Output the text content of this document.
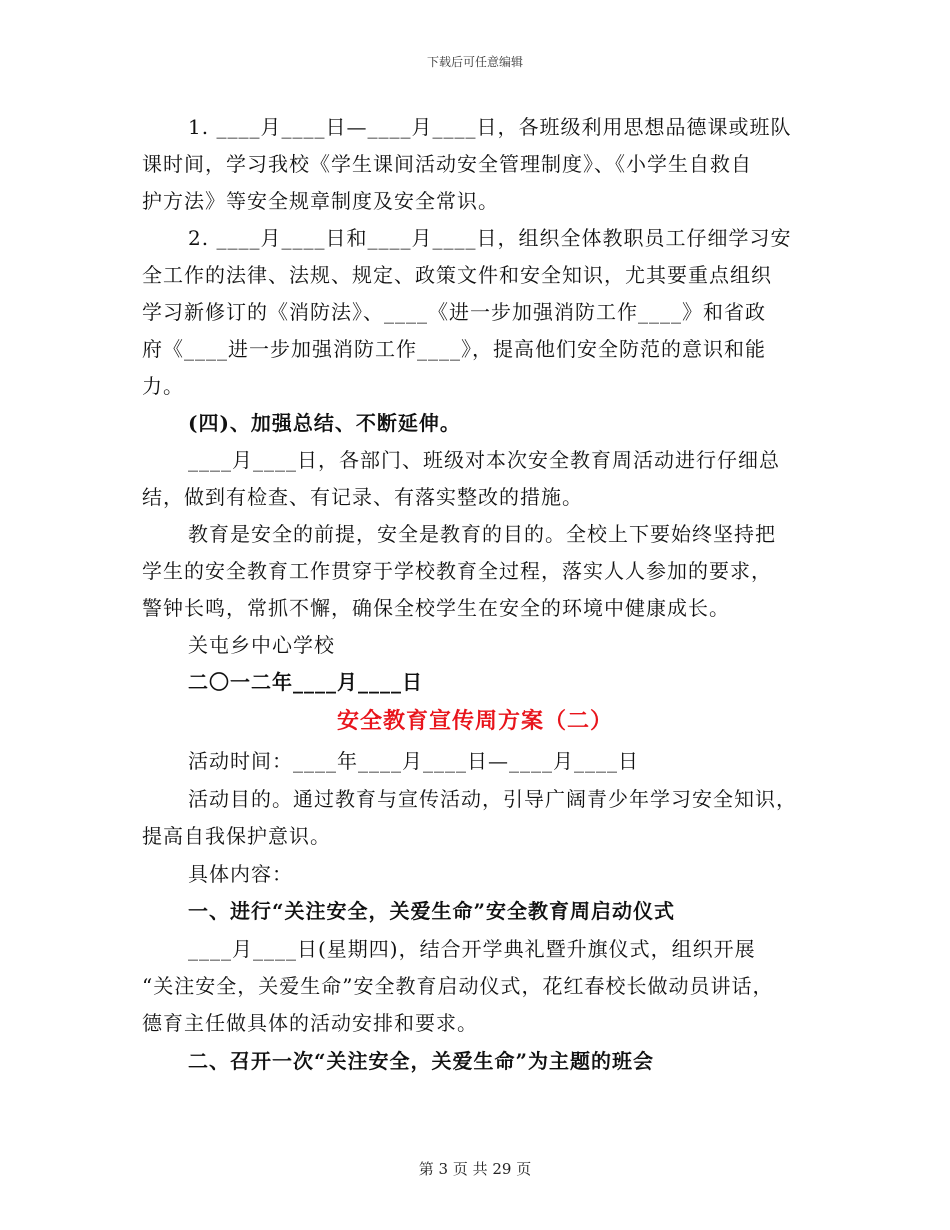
下载后可任意编辑
1. ____月____日—____月____日，各班级利用思想品德课或班队
课时间，学习我校《学生课间活动安全管理制度》、《小学生自救自
护方法》等安全规章制度及安全常识。
2. ____月____日和____月____日，组织全体教职员工仔细学习安
全工作的法律、法规、规定、政策文件和安全知识，尤其要重点组织
学习新修订的《消防法》、____《进一步加强消防工作____》和省政
府《____进一步加强消防工作____》，提高他们安全防范的意识和能
力。
(四)、加强总结、不断延伸。
____月____日，各部门、班级对本次安全教育周活动进行仔细总
结，做到有检查、有记录、有落实整改的措施。
教育是安全的前提，安全是教育的目的。全校上下要始终坚持把
学生的安全教育工作贯穿于学校教育全过程，落实人人参加的要求，
警钟长鸣，常抓不懈，确保全校学生在安全的环境中健康成长。
关屯乡中心学校
二〇一二年____月____日
安全教育宣传周方案（二）
活动时间：____年____月____日—____月____日
活动目的。通过教育与宣传活动，引导广阔青少年学习安全知识，
提高自我保护意识。
具体内容：
一、进行“关注安全，关爱生命”安全教育周启动仪式
____月____日(星期四)，结合开学典礼暨升旗仪式，组织开展
“关注安全，关爱生命”安全教育启动仪式，花红春校长做动员讲话，
德育主任做具体的活动安排和要求。
二、召开一次“关注安全，关爱生命”为主题的班会
第 3 页 共 29 页
